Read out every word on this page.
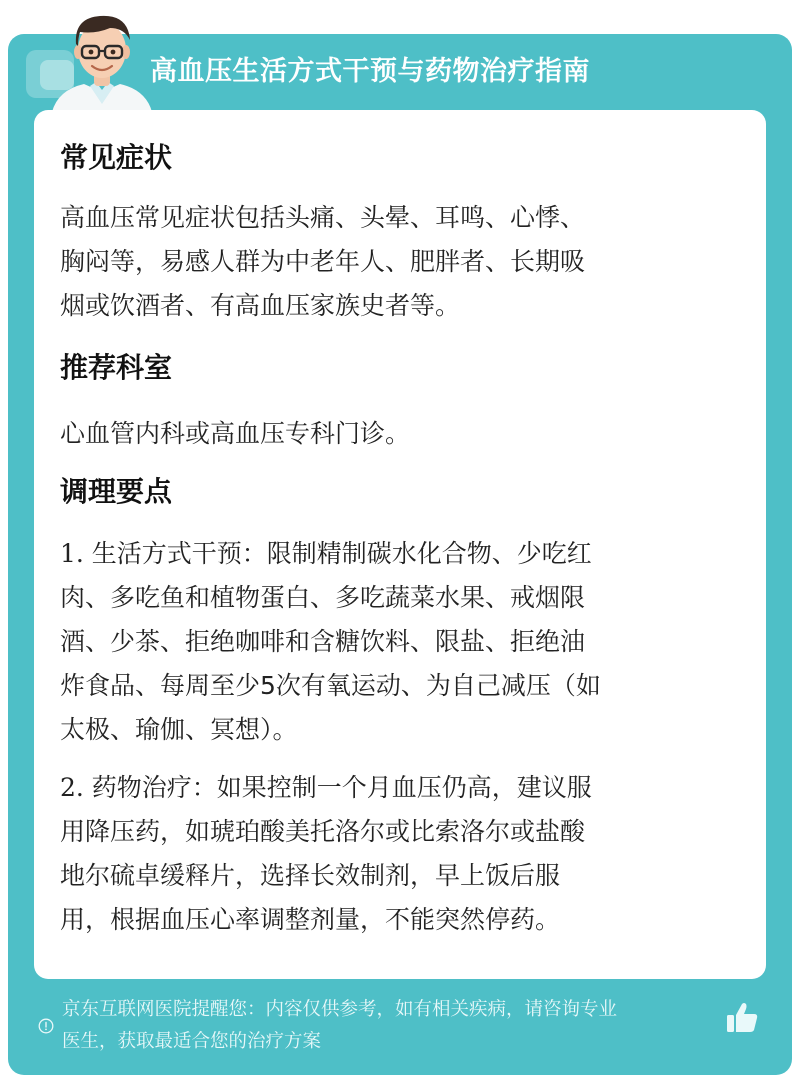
高血压生活方式干预与药物治疗指南
常见症状

高血压常见症状包括头痛、头晕、耳鸣、心悸、

胸闷等，易感人群为中老年人、肥胖者、长期吸

烟或饮酒者、有高血压家族史者等。

推荐科室

心血管内科或高血压专科门诊。

调理要点

1. 生活方式干预：限制精制碳水化合物、少吃红

肉、多吃鱼和植物蛋白、多吃蔬菜水果、戒烟限

酒、少茶、拒绝咖啡和含糖饮料、限盐、拒绝油

炸食品、每周至少5次有氧运动、为自己减压（如

太极、瑜伽、冥想）。

2. 药物治疗：如果控制一个月血压仍高，建议服

用降压药，如琥珀酸美托洛尔或比索洛尔或盐酸

地尔硫卓缓释片，选择长效制剂，早上饭后服

用，根据血压心率调整剂量，不能突然停药。

京东互联网医院提醒您：内容仅供参考，如有相关疾病，请咨询专业
医生，获取最适合您的治疗方案
